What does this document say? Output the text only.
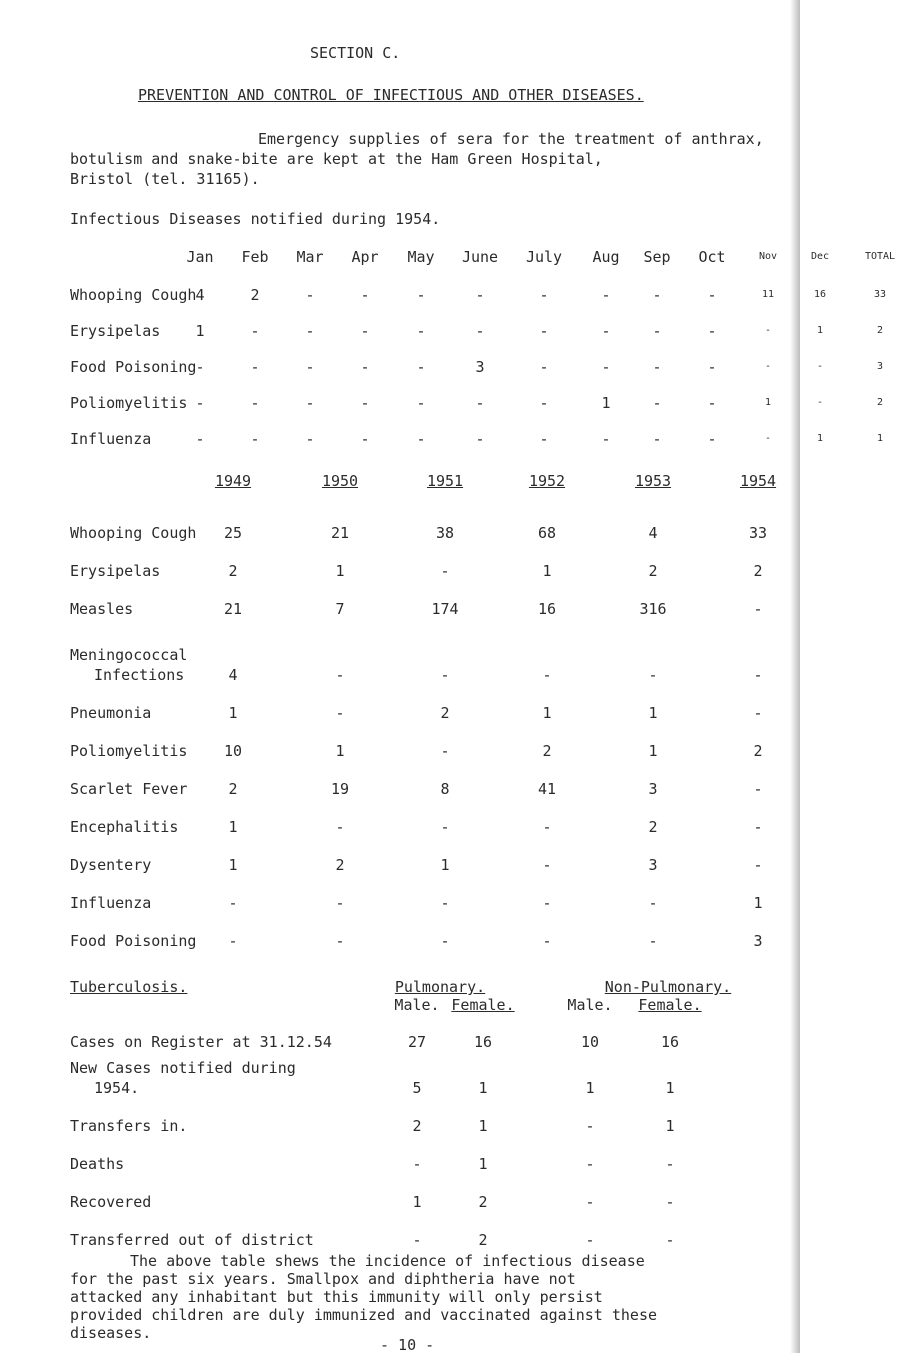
SECTION C.
PREVENTION AND CONTROL OF INFECTIOUS AND OTHER DISEASES.
Emergency supplies of sera for the treatment of anthrax,
botulism and snake-bite are kept at the Ham Green Hospital,
Bristol (tel. 31165).
Infectious Diseases notified during 1954.
Jan	Feb	Mar	Apr	May	June	July	Aug	Sep	Oct	Nov	Dec	TOTAL
Whooping Cough 4	2	-	-	-	-	-	-	-	-	11	16	33
Erysipelas	1	-	-	-	-	-	-	-	-	-	-	1	2
Food Poisoning -	-	-	-	-	3	-	-	-	-	-	-	3
Poliomyelitis -	-	-	-	-	-	-	1	-	-	1	-	2
Influenza	-	-	-	-	-	-	-	-	-	-	-	1	1
1949	1950	1951	1952	1953	1954
Whooping Cough	25	21	38	68	4	33
Erysipelas	2	1	-	1	2	2
Measles	21	7	174	16	316	-
Meningococcal
Infections	4	-	-	-	-	-
Pneumonia	1	-	2	1	1	-
Poliomyelitis	10	1	-	2	1	2
Scarlet Fever	2	19	8	41	3	-
Encephalitis	1	-	-	-	2	-
Dysentery	1	2	1	-	3	-
Influenza	-	-	-	-	-	1
Food Poisoning	-	-	-	-	-	3
Tuberculosis.	Pulmonary.	Non-Pulmonary.
Male. Female.	Male.	Female.
Cases on Register at 31.12.54	27	16	10	16
New Cases notified during
1954.	5	1	1	1
Transfers in.	2	1	-	1
Deaths	-	1	-	-
Recovered	1	2	-	-
Transferred out of district	-	2	-	-
The above table shews the incidence of infectious disease
for the past six years. Smallpox and diphtheria have not
attacked any inhabitant but this immunity will only persist
provided children are duly immunized and vaccinated against these
diseases.
- 10 -
